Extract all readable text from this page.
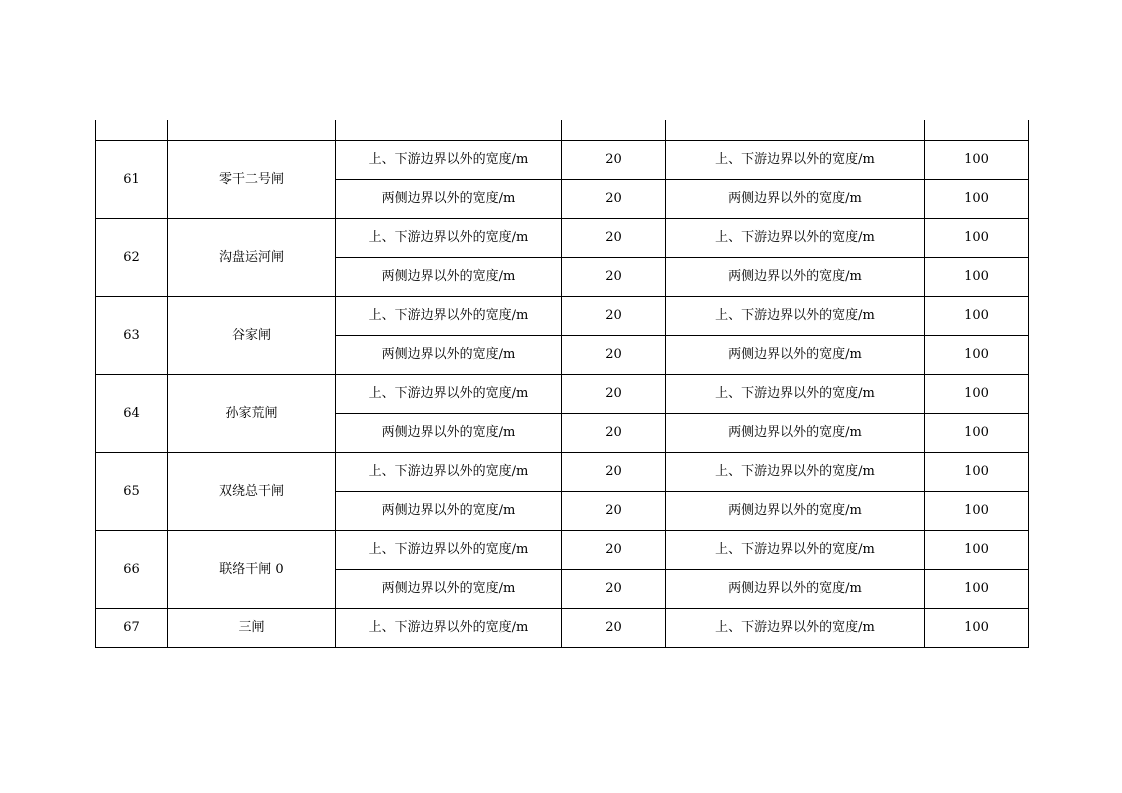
61	零干二号闸	上、下游边界以外的宽度/m	20	上、下游边界以外的宽度/m	100
		两侧边界以外的宽度/m	20	两侧边界以外的宽度/m	100
62	沟盘运河闸	上、下游边界以外的宽度/m	20	上、下游边界以外的宽度/m	100
		两侧边界以外的宽度/m	20	两侧边界以外的宽度/m	100
63	谷家闸	上、下游边界以外的宽度/m	20	上、下游边界以外的宽度/m	100
		两侧边界以外的宽度/m	20	两侧边界以外的宽度/m	100
64	孙家荒闸	上、下游边界以外的宽度/m	20	上、下游边界以外的宽度/m	100
		两侧边界以外的宽度/m	20	两侧边界以外的宽度/m	100
65	双绕总干闸	上、下游边界以外的宽度/m	20	上、下游边界以外的宽度/m	100
		两侧边界以外的宽度/m	20	两侧边界以外的宽度/m	100
66	联络干闸 0	上、下游边界以外的宽度/m	20	上、下游边界以外的宽度/m	100
		两侧边界以外的宽度/m	20	两侧边界以外的宽度/m	100
67	三闸	上、下游边界以外的宽度/m	20	上、下游边界以外的宽度/m	100
